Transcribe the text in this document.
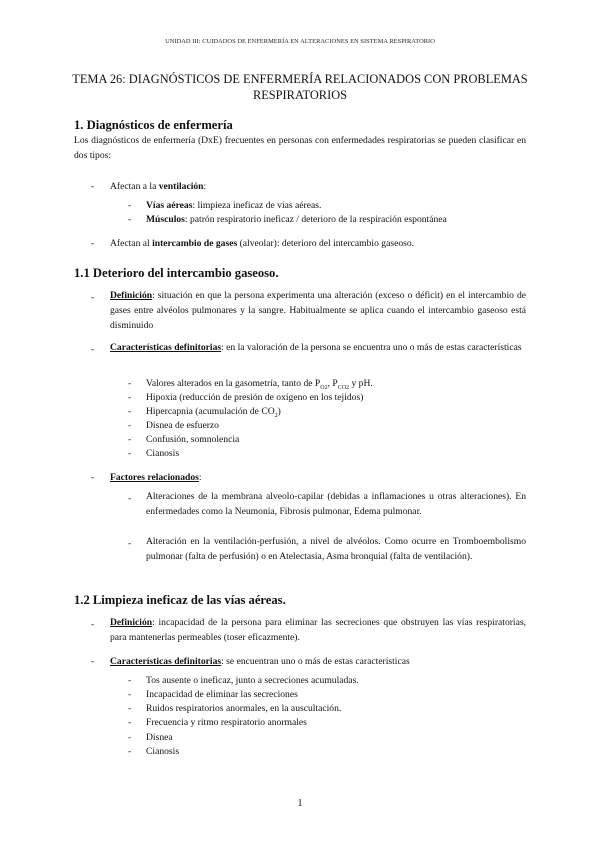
UNIDAD III: CUIDADOS DE ENFERMERÍA EN ALTERACIONES EN SISTEMA RESPIRATORIO
TEMA 26: DIAGNÓSTICOS DE ENFERMERÍA RELACIONADOS CON PROBLEMAS RESPIRATORIOS
1. Diagnósticos de enfermería
Los diagnósticos de enfermería (DxE) frecuentes en personas con enfermedades respiratorias se pueden clasificar en dos tipos:
- Afectan a la ventilación:
- Vías aéreas: limpieza ineficaz de vías aéreas.
- Músculos: patrón respiratorio ineficaz / deterioro de la respiración espontánea
- Afectan al intercambio de gases (alveolar): deterioro del intercambio gaseoso.
1.1 Deterioro del intercambio gaseoso.
- Definición: situación en que la persona experimenta una alteración (exceso o déficit) en el intercambio de gases entre alvéolos pulmonares y la sangre. Habitualmente se aplica cuando el intercambio gaseoso está disminuido
- Características definitorias: en la valoración de la persona se encuentra uno o más de estas características
- Valores alterados en la gasometría, tanto de $P_{O2}$, $P_{CO2}$ y pH.
- Hipoxia (reducción de presión de oxígeno en los tejidos)
- Hipercapnia (acumulación de $CO_2$)
- Disnea de esfuerzo
- Confusión, somnolencia
- Cianosis
- Factores relacionados:
- Alteraciones de la membrana alveolo-capilar (debidas a inflamaciones u otras alteraciones). En enfermedades como la Neumonía, Fibrosis pulmonar, Edema pulmonar.
- Alteración en la ventilación-perfusión, a nivel de alvéolos. Como ocurre en Tromboembolismo pulmonar (falta de perfusión) o en Atelectasia, Asma bronquial (falta de ventilación).
1.2 Limpieza ineficaz de las vías aéreas.
- Definición: incapacidad de la persona para eliminar las secreciones que obstruyen las vías respiratorias, para mantenerlas permeables (toser eficazmente).
- Características definitorias: se encuentran uno o más de estas características
- Tos ausente o ineficaz, junto a secreciones acumuladas.
- Incapacidad de eliminar las secreciones
- Ruidos respiratorios anormales, en la auscultación.
- Frecuencia y ritmo respiratorio anormales
- Disnea
- Cianosis
1
